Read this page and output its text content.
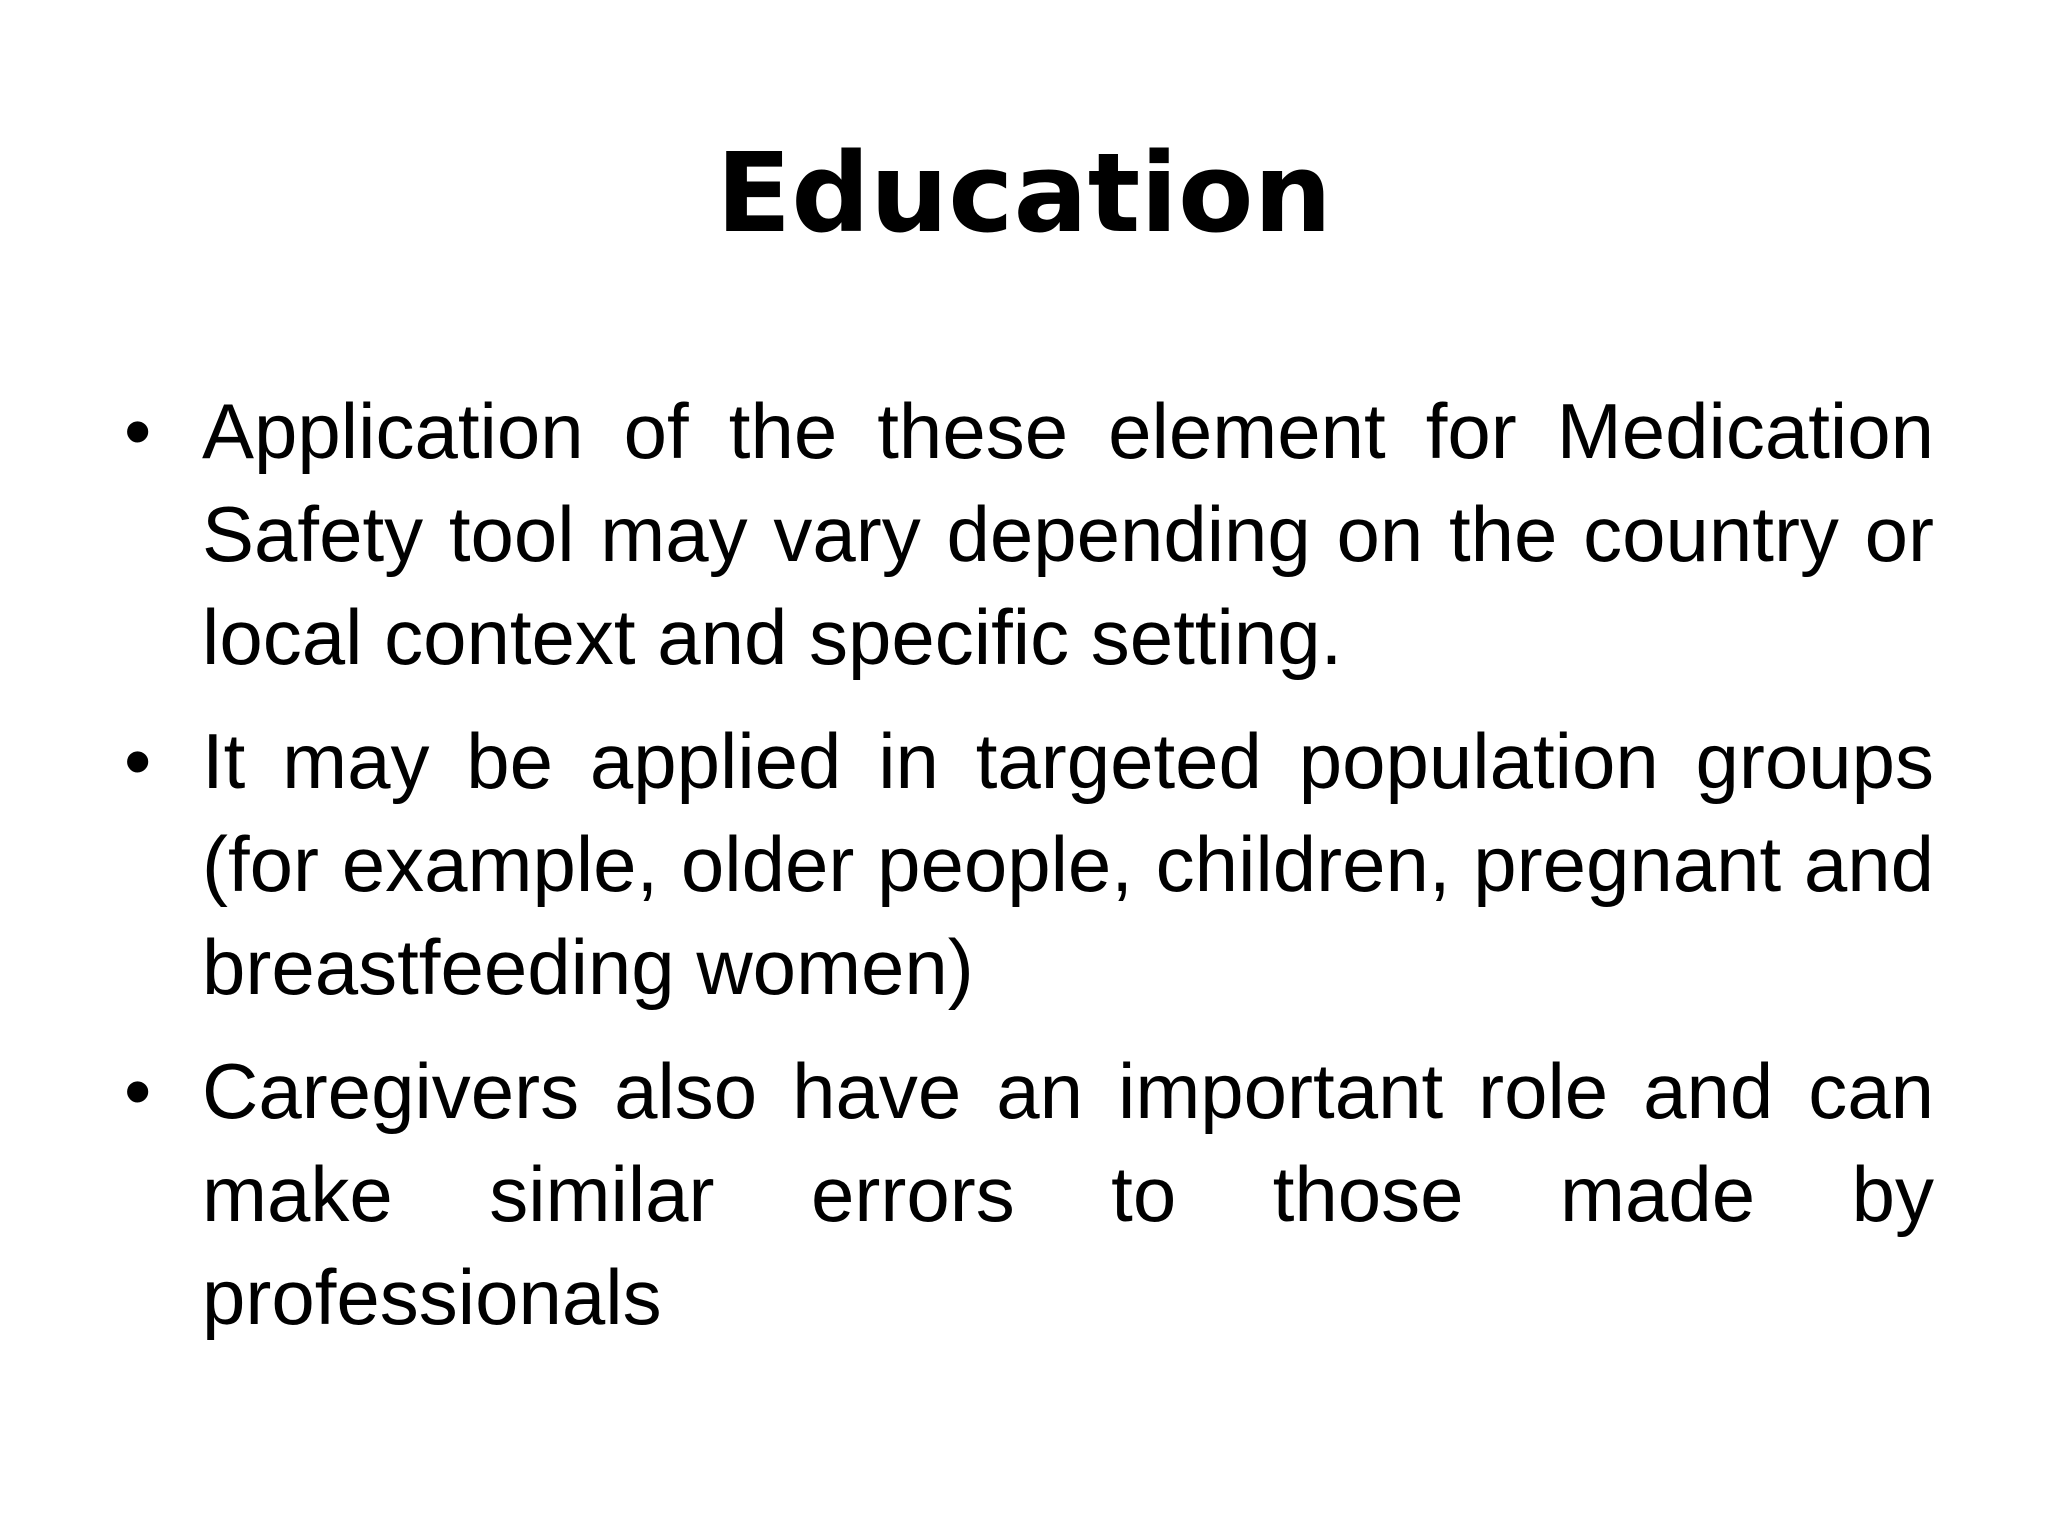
Education
• Application of the these element for Medication Safety tool may vary depending on the country or local context and specific setting.
• It may be applied in targeted population groups (for example, older people, children, pregnant and breastfeeding women)
• Caregivers also have an important role and can make similar errors to those made by professionals
